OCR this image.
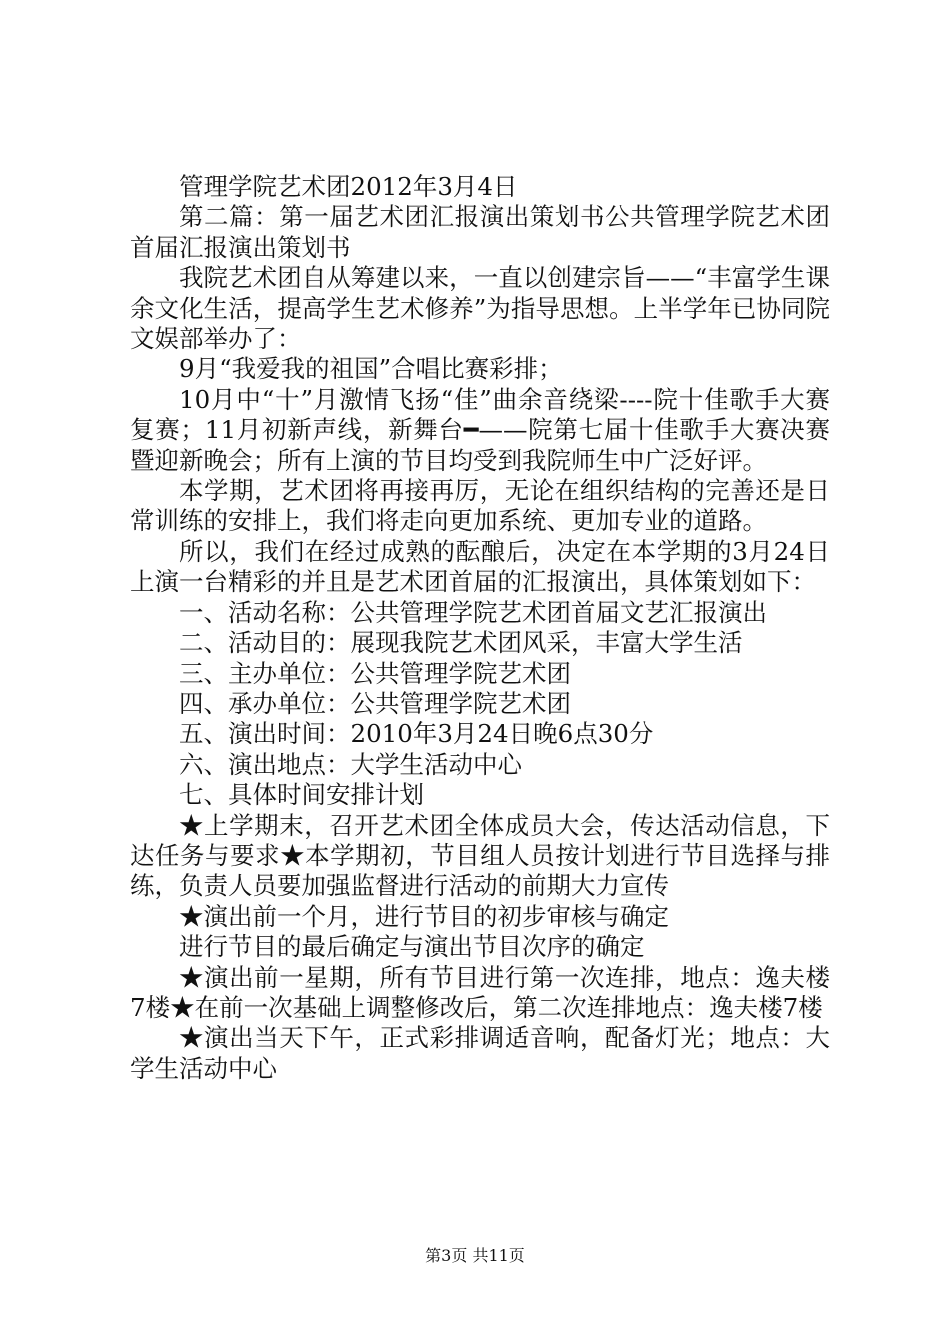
管理学院艺术团2012年3月4日

第二篇：第一届艺术团汇报演出策划书公共管理学院艺术团首届汇报演出策划书

我院艺术团自从筹建以来，一直以创建宗旨——“丰富学生课余文化生活，提高学生艺术修养”为指导思想。上半学年已协同院文娱部举办了：

9月“我爱我的祖国”合唱比赛彩排；

10月中“十”月激情飞扬“佳”曲余音绕梁----院十佳歌手大赛复赛；11月初新声线，新舞台━——院第七届十佳歌手大赛决赛暨迎新晚会；所有上演的节目均受到我院师生中广泛好评。

本学期，艺术团将再接再厉，无论在组织结构的完善还是日常训练的安排上，我们将走向更加系统、更加专业的道路。

所以，我们在经过成熟的酝酿后，决定在本学期的3月24日上演一台精彩的并且是艺术团首届的汇报演出，具体策划如下：

一、活动名称：公共管理学院艺术团首届文艺汇报演出

二、活动目的：展现我院艺术团风采，丰富大学生活

三、主办单位：公共管理学院艺术团

四、承办单位：公共管理学院艺术团

五、演出时间：2010年3月24日晚6点30分

六、演出地点：大学生活动中心

七、具体时间安排计划

★上学期末，召开艺术团全体成员大会，传达活动信息，下达任务与要求★本学期初，节目组人员按计划进行节目选择与排练，负责人员要加强监督进行活动的前期大力宣传

★演出前一个月，进行节目的初步审核与确定

进行节目的最后确定与演出节目次序的确定

★演出前一星期，所有节目进行第一次连排，地点：逸夫楼7楼★在前一次基础上调整修改后，第二次连排地点：逸夫楼7楼

★演出当天下午，正式彩排调适音响，配备灯光；地点：大学生活动中心

第3页 共11页
